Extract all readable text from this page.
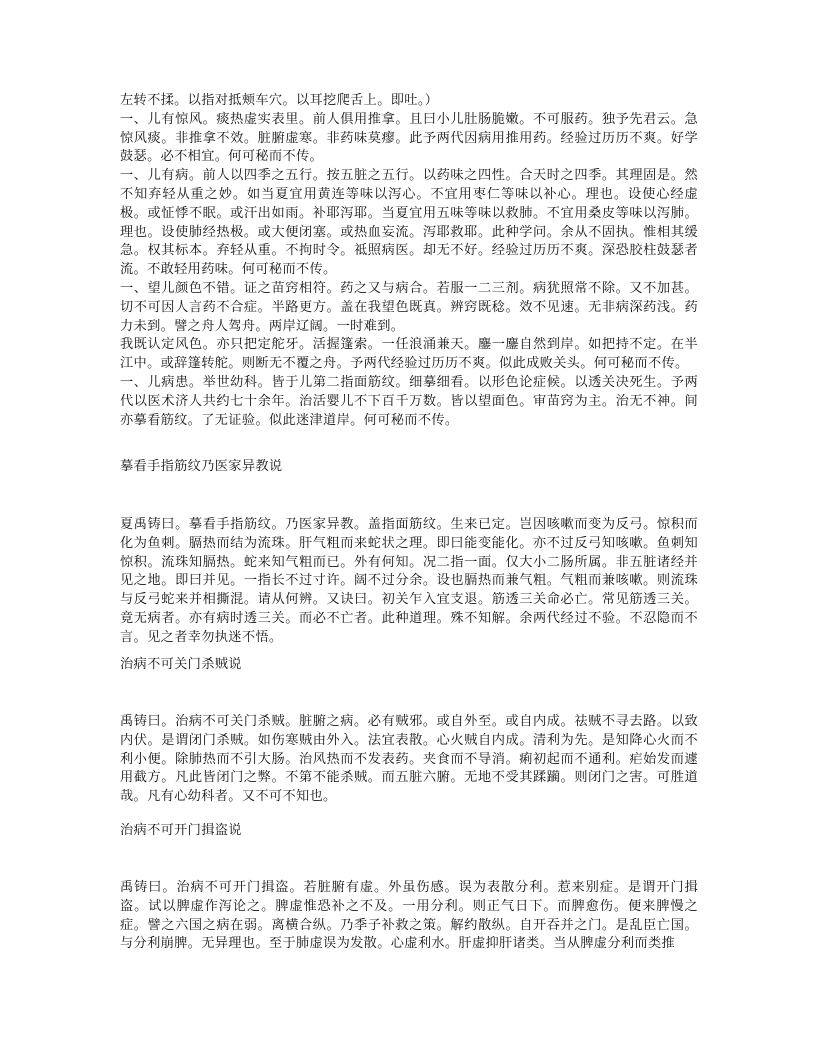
左转不揉。以指对抵颊车穴。以耳挖爬舌上。即吐。）

一、儿有惊风。痰热虚实表里。前人俱用推拿。且曰小儿肚肠脆嫩。不可服药。独予先君云。急惊风痰。非推拿不效。脏腑虚寒。非药味莫瘳。此予两代因病用推用药。经验过历历不爽。好学鼓瑟。必不相宜。何可秘而不传。

一、儿有病。前人以四季之五行。按五脏之五行。以药味之四性。合天时之四季。其理固是。然不知弃轻从重之妙。如当夏宜用黄连等味以泻心。不宜用枣仁等味以补心。理也。设使心经虚极。或怔悸不眠。或汗出如雨。补耶泻耶。当夏宜用五味等味以救肺。不宜用桑皮等味以泻肺。理也。设使肺经热极。或大便闭塞。或热血妄流。泻耶救耶。此种学问。余从不固执。惟相其缓急。权其标本。弃轻从重。不拘时令。祗照病医。却无不好。经验过历历不爽。深恐胶柱鼓瑟者流。不敢轻用药味。何可秘而不传。

一、望儿颜色不错。证之苗窍相符。药之又与病合。若服一二三剂。病犹照常不除。又不加甚。切不可因人言药不合症。半路更方。盖在我望色既真。辨窍既稔。效不见速。无非病深药浅。药力未到。譬之舟人驾舟。两岸辽阔。一时难到。

我既认定风色。亦只把定舵牙。活握篷索。一任浪涌兼天。鏖一鏖自然到岸。如把持不定。在半江中。或辞篷转舵。则断无不覆之舟。予两代经验过历历不爽。似此成败关头。何可秘而不传。

一、儿病患。举世幼科。皆于儿第二指面筋纹。细摹细看。以形色论症候。以透关决死生。予两代以医术济人共约七十余年。治活婴儿不下百千万数。皆以望面色。审苗窍为主。治无不神。间亦摹看筋纹。了无证验。似此迷津道岸。何可秘而不传。

摹看手指筋纹乃医家异教说

夏禹铸曰。摹看手指筋纹。乃医家异教。盖指面筋纹。生来已定。岂因咳嗽而变为反弓。惊积而化为鱼刺。膈热而结为流珠。肝气粗而来蛇状之理。即曰能变能化。亦不过反弓知咳嗽。鱼刺知惊积。流珠知膈热。蛇来知气粗而已。外有何知。况二指一面。仅大小二肠所属。非五脏诸经并见之地。即曰并见。一指长不过寸许。阔不过分余。设也膈热而兼气粗。气粗而兼咳嗽。则流珠与反弓蛇来并相撕混。请从何辨。又诀曰。初关乍入宜支退。筋透三关命必亡。常见筋透三关。竟无病者。亦有病时透三关。而必不亡者。此种道理。殊不知解。余两代经过不验。不忍隐而不言。见之者幸勿执迷不悟。

治病不可关门杀贼说

禹铸曰。治病不可关门杀贼。脏腑之病。必有贼邪。或自外至。或自内成。祛贼不寻去路。以致内伏。是谓闭门杀贼。如伤寒贼由外入。法宜表散。心火贼自内成。清利为先。是知降心火而不利小便。除肺热而不引大肠。治风热而不发表药。夹食而不导消。痢初起而不通利。疟始发而遽用截方。凡此皆闭门之弊。不第不能杀贼。而五脏六腑。无地不受其蹂躏。则闭门之害。可胜道哉。凡有心幼科者。又不可不知也。

治病不可开门揖盗说

禹铸曰。治病不可开门揖盗。若脏腑有虚。外虽伤感。误为表散分利。惹来别症。是谓开门揖盗。试以脾虚作泻论之。脾虚惟恐补之不及。一用分利。则正气日下。而脾愈伤。便来脾慢之症。譬之六国之病在弱。离横合纵。乃季子补救之策。解约散纵。自开吞并之门。是乱臣亡国。与分利崩脾。无异理也。至于肺虚误为发散。心虚利水。肝虚抑肝诸类。当从脾虚分利而类推
